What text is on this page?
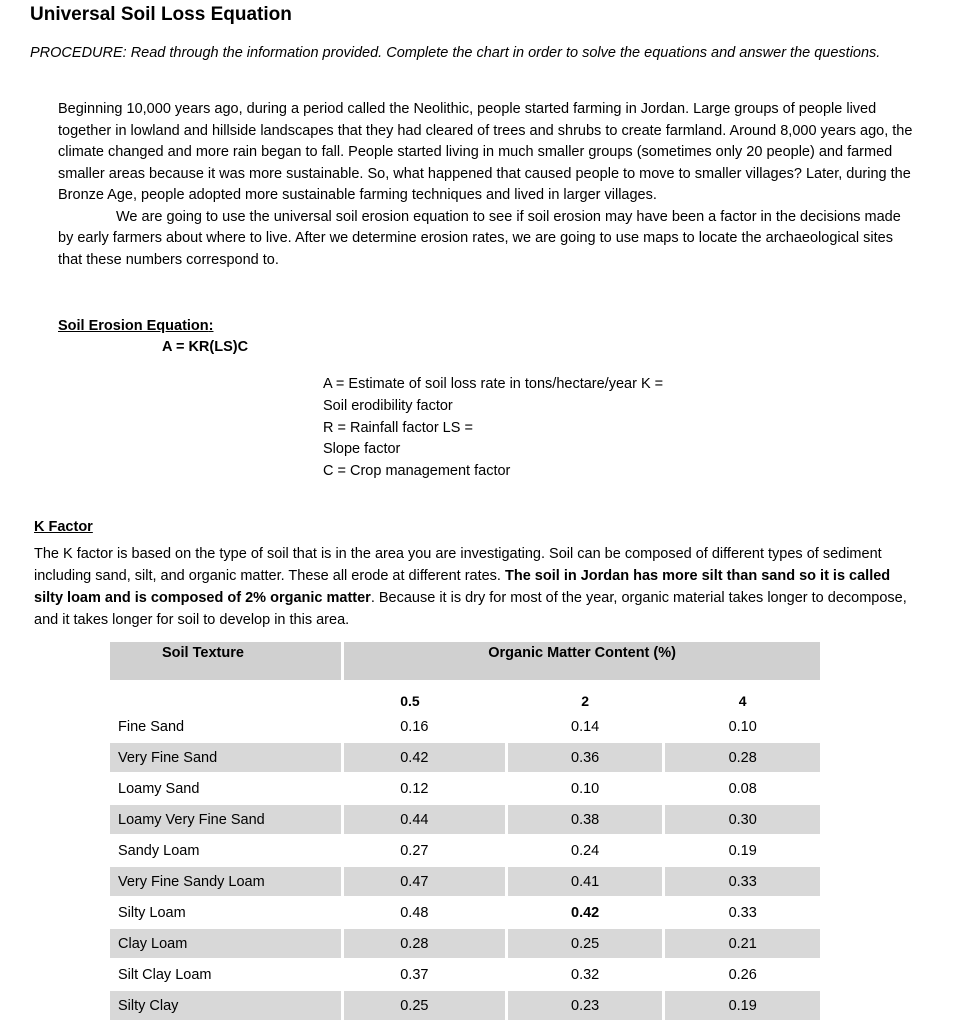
Universal Soil Loss Equation

PROCEDURE: Read through the information provided. Complete the chart in order to solve the equations and answer the questions.

Beginning 10,000 years ago, during a period called the Neolithic, people started farming in Jordan. Large groups of people lived together in lowland and hillside landscapes that they had cleared of trees and shrubs to create farmland. Around 8,000 years ago, the climate changed and more rain began to fall. People started living in much smaller groups (sometimes only 20 people) and farmed smaller areas because it was more sustainable. So, what happened that caused people to move to smaller villages? Later, during the Bronze Age, people adopted more sustainable farming techniques and lived in larger villages.

We are going to use the universal soil erosion equation to see if soil erosion may have been a factor in the decisions made by early farmers about where to live. After we determine erosion rates, we are going to use maps to locate the archaeological sites that these numbers correspond to.

Soil Erosion Equation:
A = KR(LS)C

A = Estimate of soil loss rate in tons/hectare/year K =

Soil erodibility factor

R = Rainfall factor LS =

Slope factor

C = Crop management factor

K Factor

The K factor is based on the type of soil that is in the area you are investigating. Soil can be composed of different types of sediment including sand, silt, and organic matter. These all erode at different rates. The soil in Jordan has more silt than sand so it is called silty loam and is composed of 2% organic matter. Because it is dry for most of the year, organic material takes longer to decompose, and it takes longer for soil to develop in this area.

Soil Texture	Organic Matter Content (%)		
	0.5	2	4
Fine Sand	0.16	0.14	0.10
Very Fine Sand	0.42	0.36	0.28
Loamy Sand	0.12	0.10	0.08
Loamy Very Fine Sand	0.44	0.38	0.30
Sandy Loam	0.27	0.24	0.19
Very Fine Sandy Loam	0.47	0.41	0.33
Silty Loam	0.48	0.42	0.33
Clay Loam	0.28	0.25	0.21
Silt Clay Loam	0.37	0.32	0.26
Silty Clay	0.25	0.23	0.19
